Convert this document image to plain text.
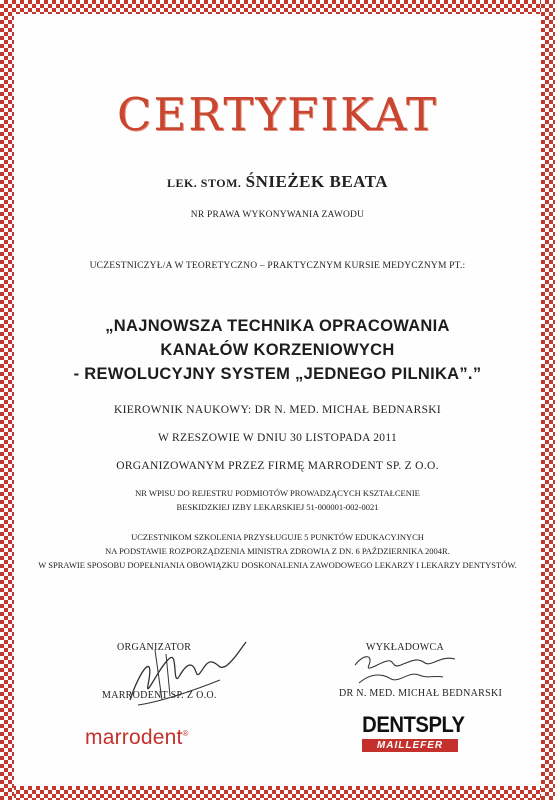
CERTYFIKAT
LEK. STOM. ŚNIEŻEK BEATA
NR PRAWA WYKONYWANIA ZAWODU
UCZESTNICZYŁ/A W TEORETYCZNO – PRAKTYCZNYM KURSIE MEDYCZNYM PT.:
„NAJNOWSZA TECHNIKA OPRACOWANIA
KANAŁÓW KORZENIOWYCH
- REWOLUCYJNY SYSTEM „JEDNEGO PILNIKA”.”
KIEROWNIK NAUKOWY: DR N. MED. MICHAŁ BEDNARSKI
W RZESZOWIE W DNIU 30 LISTOPADA 2011
ORGANIZOWANYM PRZEZ FIRMĘ MARRODENT SP. Z O.O.
NR WPISU DO REJESTRU PODMIOTÓW PROWADZĄCYCH KSZTAŁCENIE
BESKIDZKIEJ IZBY LEKARSKIEJ 51-000001-002-0021
UCZESTNIKOM SZKOLENIA PRZYSŁUGUJE 5 PUNKTÓW EDUKACYJNYCH
NA PODSTAWIE ROZPORZĄDZENIA MINISTRA ZDROWIA Z DN. 6 PAŹDZIERNIKA 2004R.
W SPRAWIE SPOSOBU DOPEŁNIANIA OBOWIĄZKU DOSKONALENIA ZAWODOWEGO LEKARZY I LEKARZY DENTYSTÓW.
ORGANIZATOR
MARRODENT SP. Z O.O.
WYKŁADOWCA
DR N. MED. MICHAŁ BEDNARSKI
marrodent®	DENTSPLY
MAILLEFER
